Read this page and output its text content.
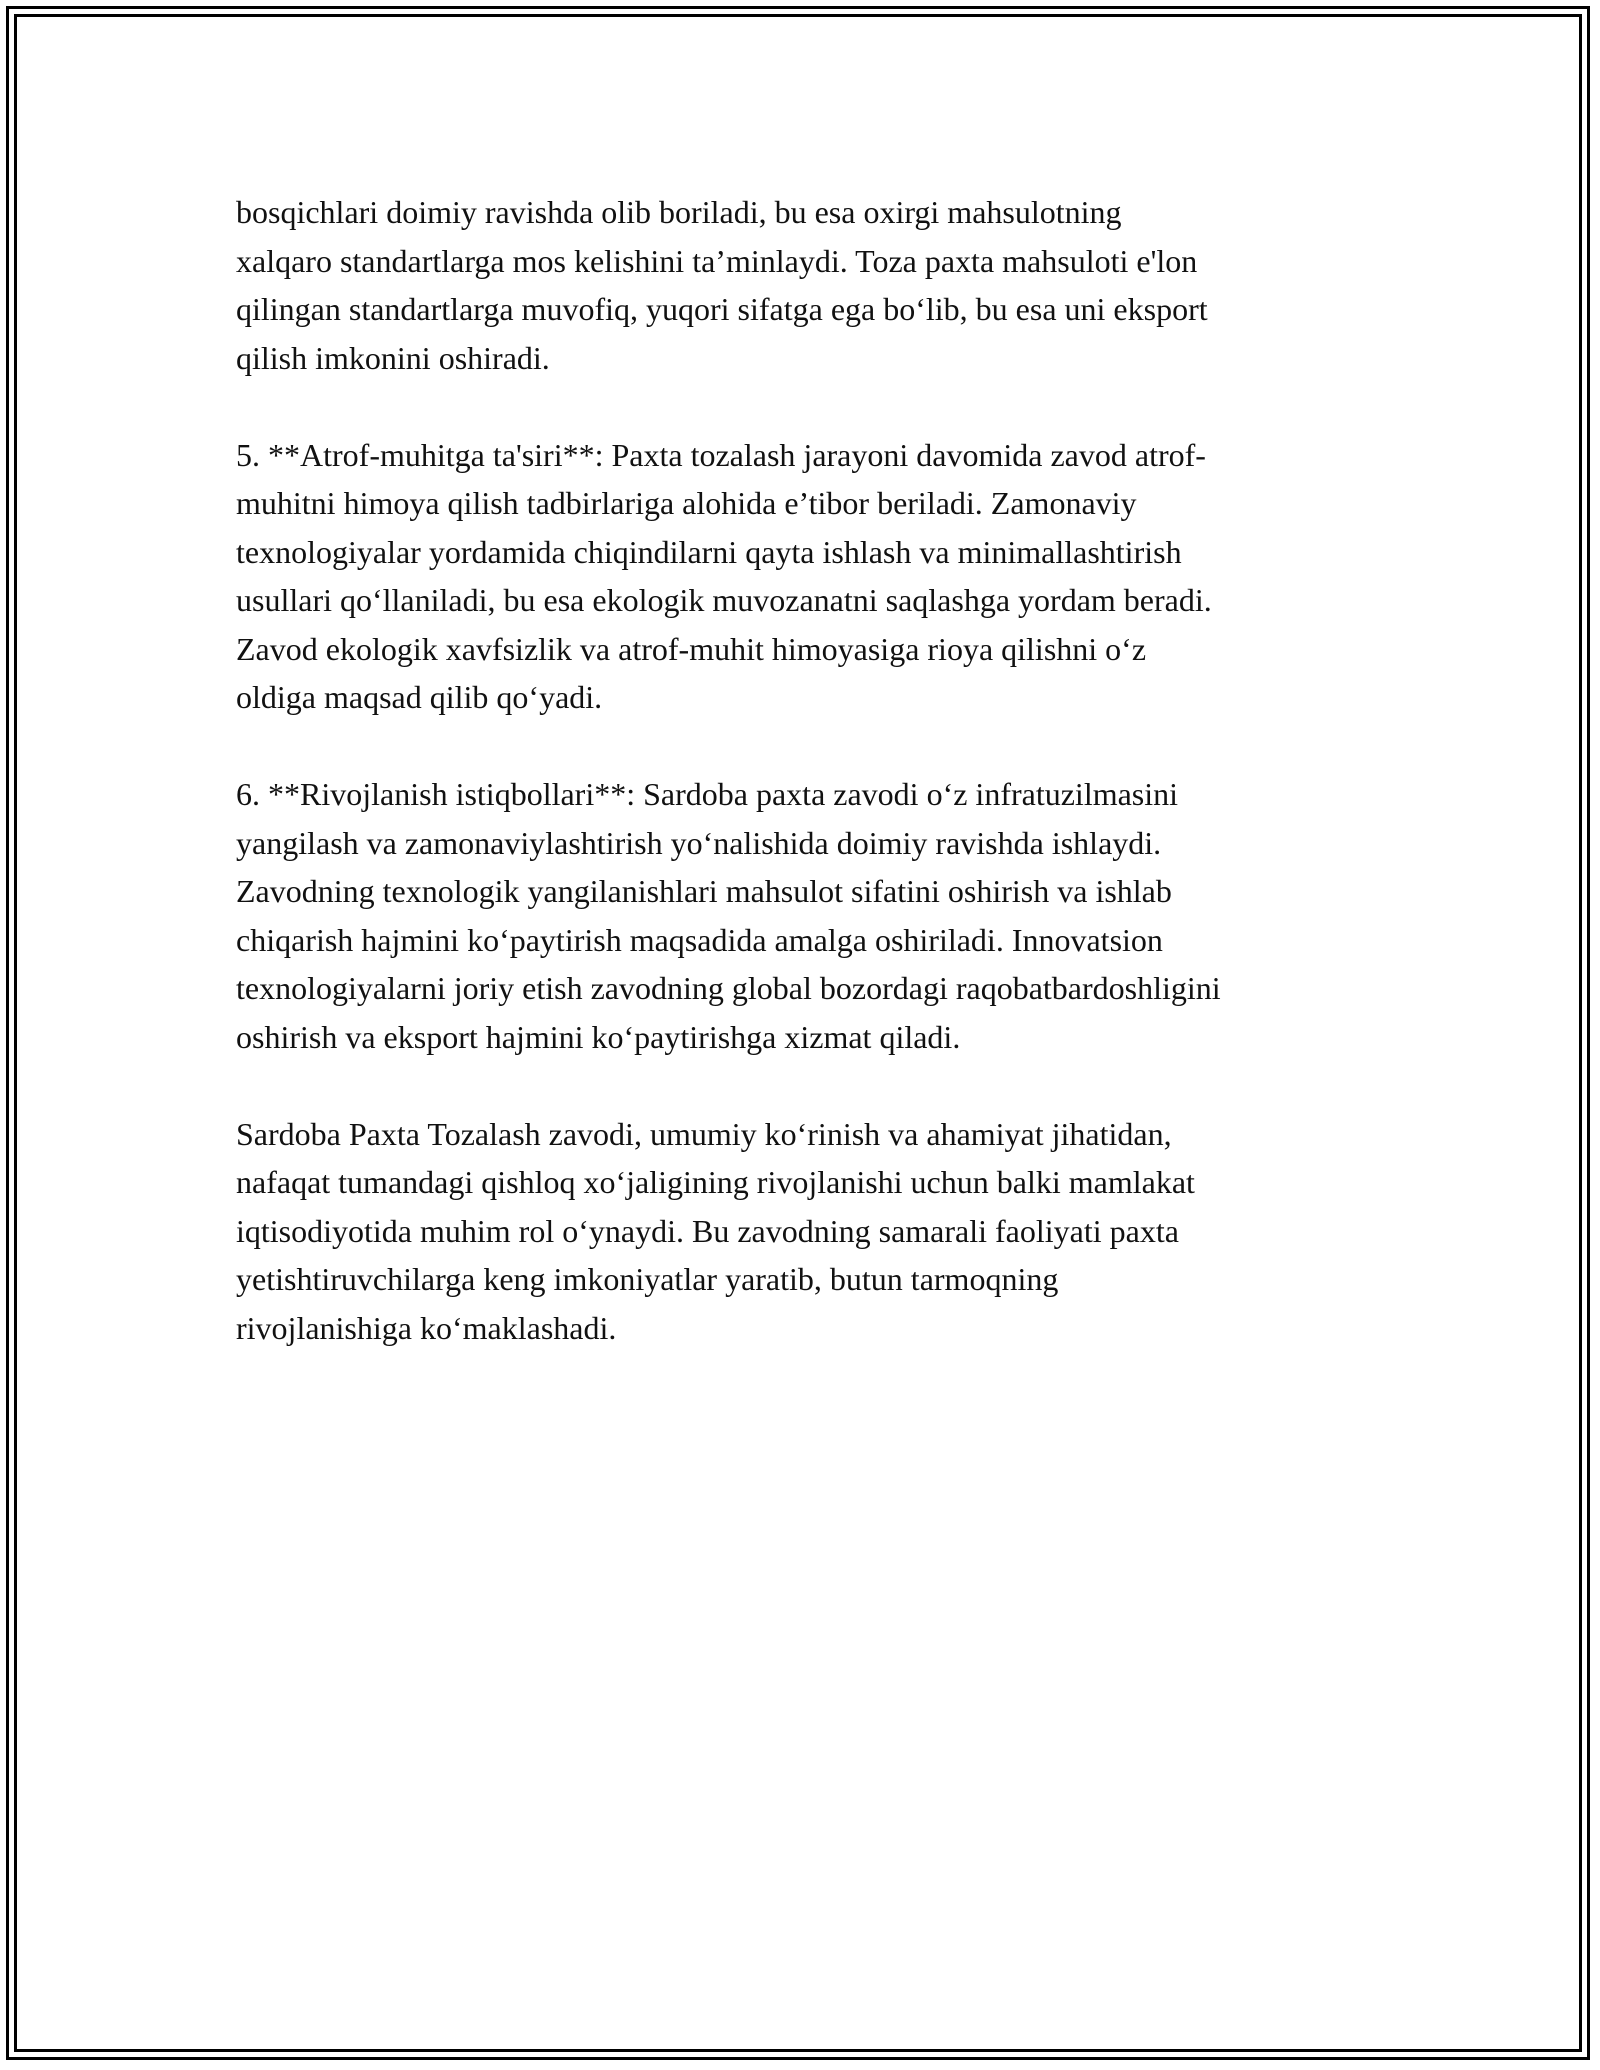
bosqichlari doimiy ravishda olib boriladi, bu esa oxirgi mahsulotning
xalqaro standartlarga mos kelishini ta’minlaydi. Toza paxta mahsuloti e'lon
qilingan standartlarga muvofiq, yuqori sifatga ega bo‘lib, bu esa uni eksport
qilish imkonini oshiradi.

5. **Atrof-muhitga ta'siri**: Paxta tozalash jarayoni davomida zavod atrof-
muhitni himoya qilish tadbirlariga alohida e’tibor beriladi. Zamonaviy
texnologiyalar yordamida chiqindilarni qayta ishlash va minimallashtirish
usullari qo‘llaniladi, bu esa ekologik muvozanatni saqlashga yordam beradi.
Zavod ekologik xavfsizlik va atrof-muhit himoyasiga rioya qilishni o‘z
oldiga maqsad qilib qo‘yadi.

6. **Rivojlanish istiqbollari**: Sardoba paxta zavodi o‘z infratuzilmasini
yangilash va zamonaviylashtirish yo‘nalishida doimiy ravishda ishlaydi.
Zavodning texnologik yangilanishlari mahsulot sifatini oshirish va ishlab
chiqarish hajmini ko‘paytirish maqsadida amalga oshiriladi. Innovatsion
texnologiyalarni joriy etish zavodning global bozordagi raqobatbardoshligini
oshirish va eksport hajmini ko‘paytirishga xizmat qiladi.

Sardoba Paxta Tozalash zavodi, umumiy ko‘rinish va ahamiyat jihatidan,
nafaqat tumandagi qishloq xo‘jaligining rivojlanishi uchun balki mamlakat
iqtisodiyotida muhim rol o‘ynaydi. Bu zavodning samarali faoliyati paxta
yetishtiruvchilarga keng imkoniyatlar yaratib, butun tarmoqning
rivojlanishiga ko‘maklashadi.
